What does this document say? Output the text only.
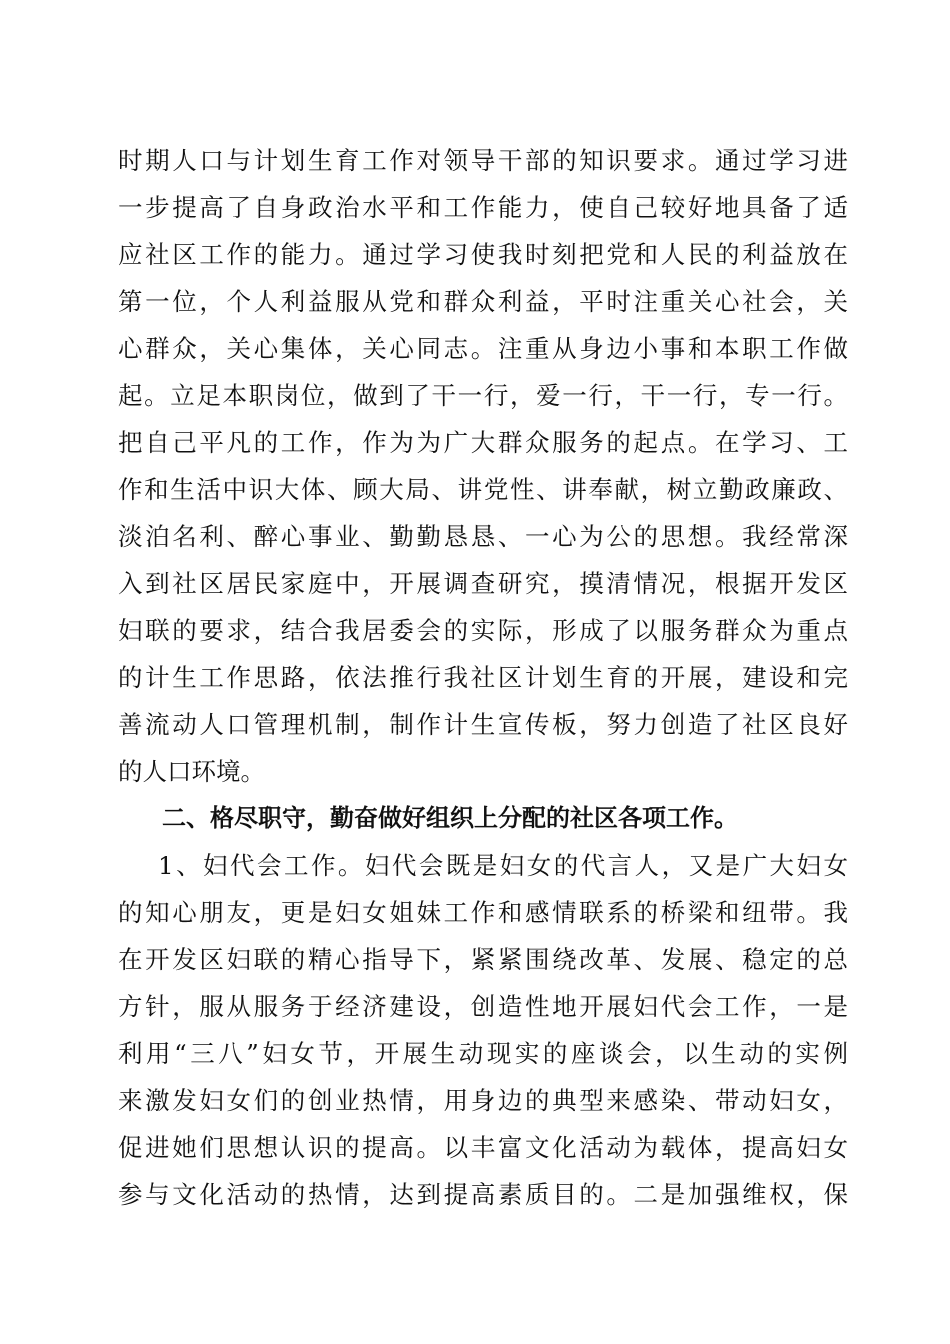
时期人口与计划生育工作对领导干部的知识要求。通过学习进
一步提高了自身政治水平和工作能力，使自己较好地具备了适
应社区工作的能力。通过学习使我时刻把党和人民的利益放在
第一位，个人利益服从党和群众利益，平时注重关心社会，关
心群众，关心集体，关心同志。注重从身边小事和本职工作做
起。立足本职岗位，做到了干一行，爱一行，干一行，专一行。
把自己平凡的工作，作为为广大群众服务的起点。在学习、工
作和生活中识大体、顾大局、讲党性、讲奉献，树立勤政廉政、
淡泊名利、醉心事业、勤勤恳恳、一心为公的思想。我经常深
入到社区居民家庭中，开展调查研究，摸清情况，根据开发区
妇联的要求，结合我居委会的实际，形成了以服务群众为重点
的计生工作思路，依法推行我社区计划生育的开展，建设和完
善流动人口管理机制，制作计生宣传板，努力创造了社区良好
的人口环境。
二、格尽职守，勤奋做好组织上分配的社区各项工作。
1、妇代会工作。妇代会既是妇女的代言人，又是广大妇女
的知心朋友，更是妇女姐妹工作和感情联系的桥梁和纽带。我
在开发区妇联的精心指导下，紧紧围绕改革、发展、稳定的总
方针，服从服务于经济建设，创造性地开展妇代会工作，一是
利用“三八”妇女节，开展生动现实的座谈会，以生动的实例
来激发妇女们的创业热情，用身边的典型来感染、带动妇女，
促进她们思想认识的提高。以丰富文化活动为载体，提高妇女
参与文化活动的热情，达到提高素质目的。二是加强维权，保
